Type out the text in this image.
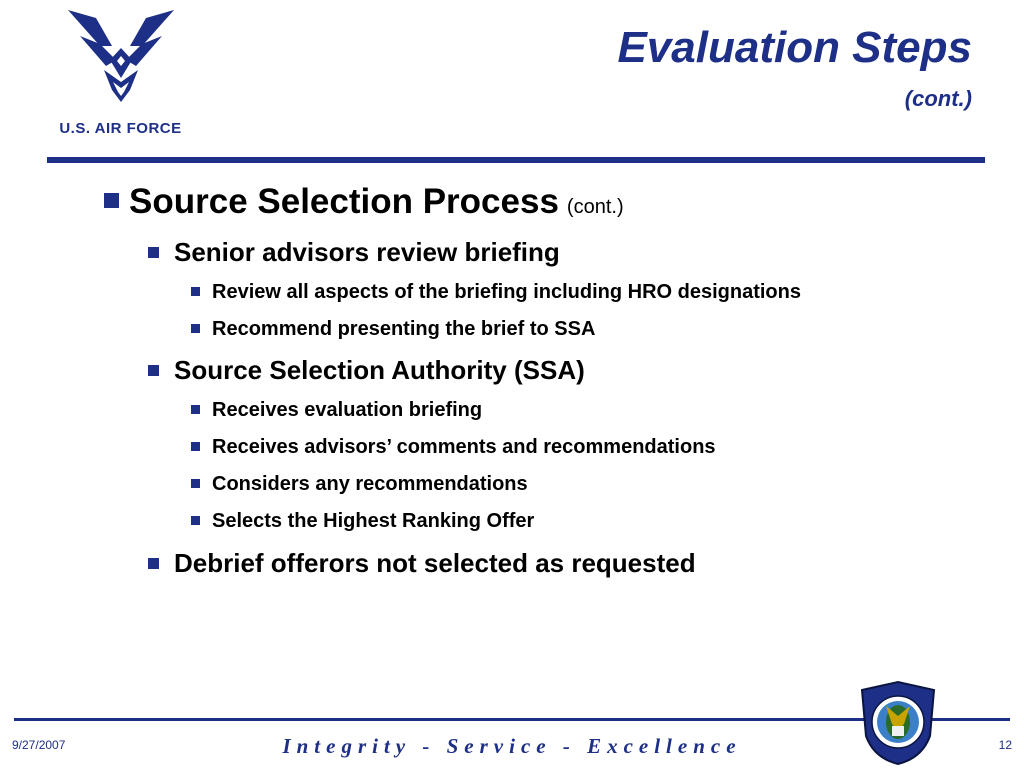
U.S. AIR FORCE
Evaluation Steps
(cont.)
Source Selection Process (cont.)
Senior advisors review briefing
Review all aspects of the briefing including HRO designations
Recommend presenting the brief to SSA
Source Selection Authority (SSA)
Receives evaluation briefing
Receives advisors’ comments and recommendations
Considers any recommendations
Selects the Highest Ranking Offer
Debrief offerors not selected as requested
9/27/2007	Integrity - Service - Excellence	12
